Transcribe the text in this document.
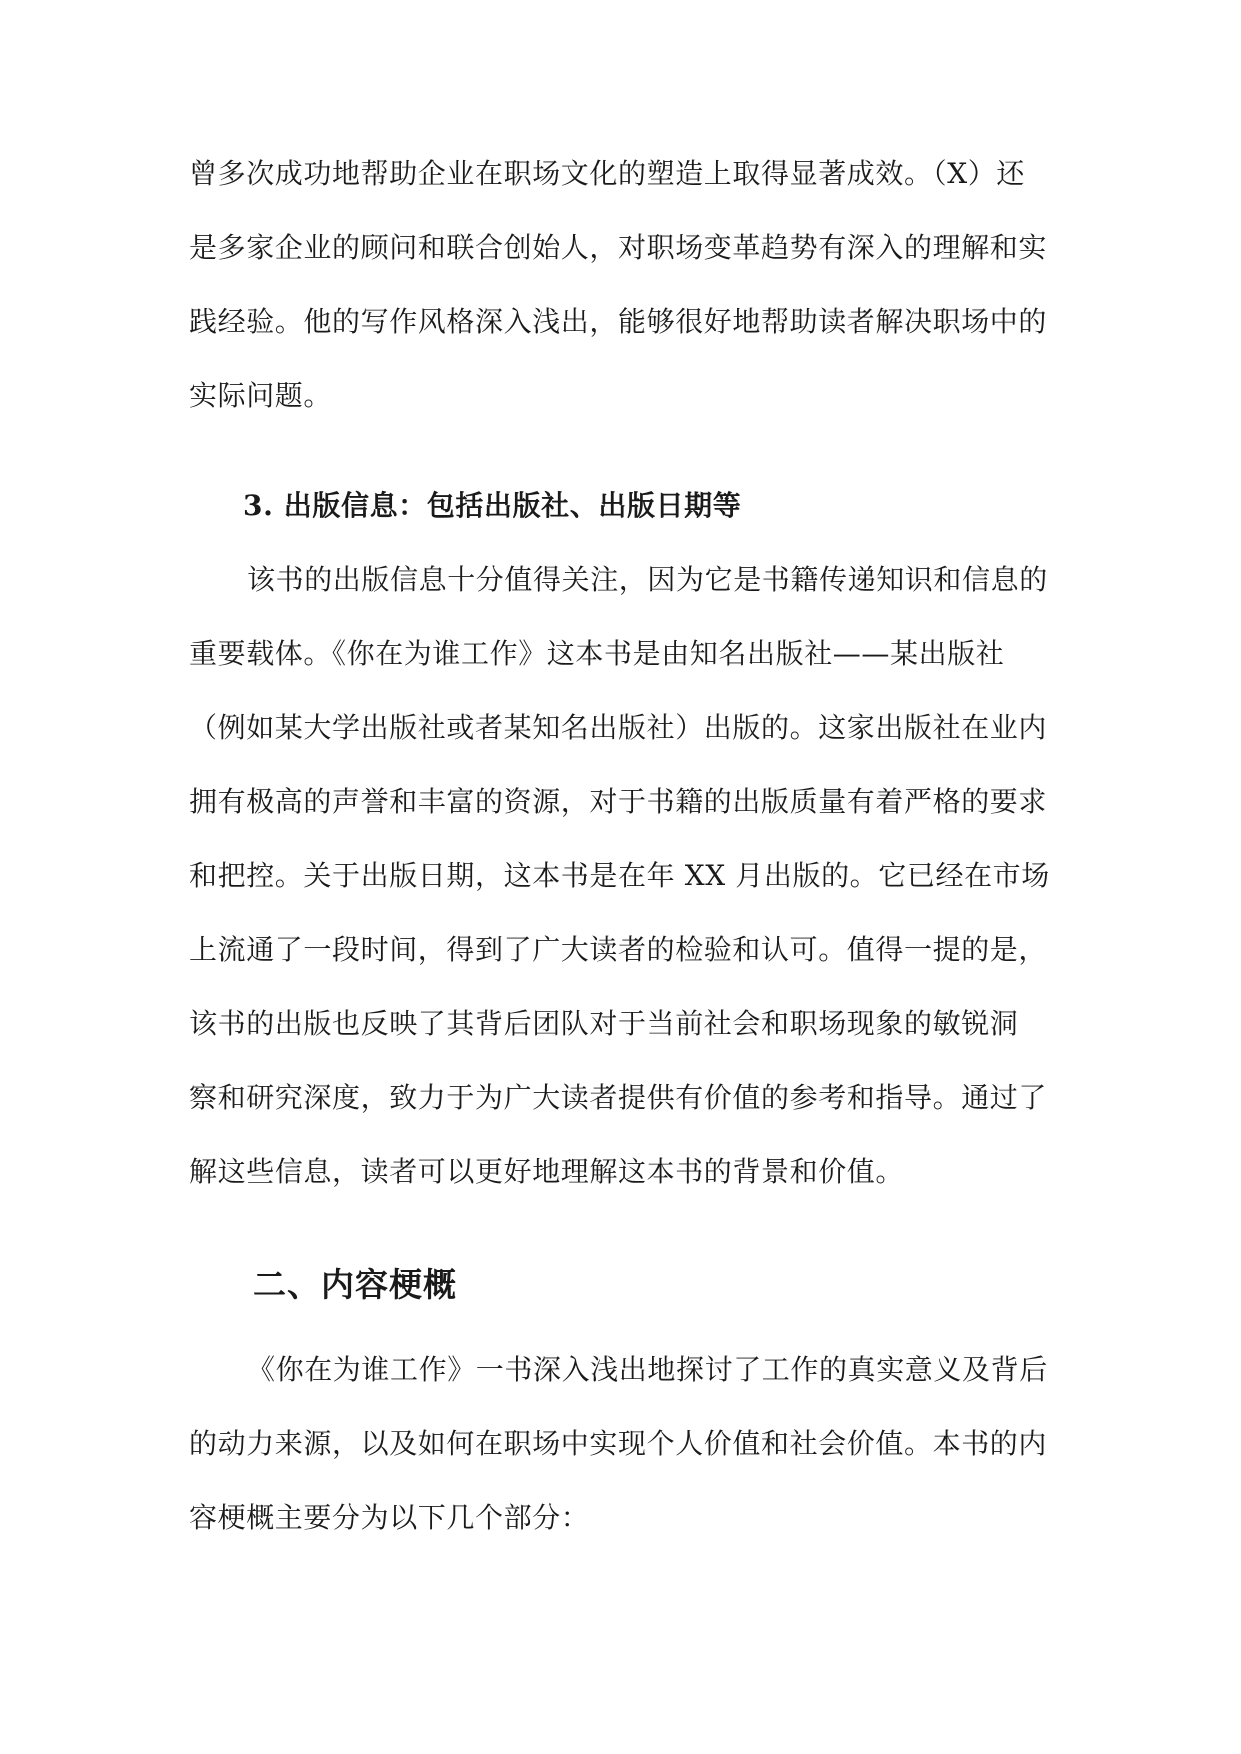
曾多次成功地帮助企业在职场文化的塑造上取得显著成效。（X）还
是多家企业的顾问和联合创始人，对职场变革趋势有深入的理解和实
践经验。他的写作风格深入浅出，能够很好地帮助读者解决职场中的
实际问题。
3. 出版信息：包括出版社、出版日期等
该书的出版信息十分值得关注，因为它是书籍传递知识和信息的
重要载体。《你在为谁工作》这本书是由知名出版社——某出版社
（例如某大学出版社或者某知名出版社）出版的。这家出版社在业内
拥有极高的声誉和丰富的资源，对于书籍的出版质量有着严格的要求
和把控。关于出版日期，这本书是在年 XX 月出版的。它已经在市场
上流通了一段时间，得到了广大读者的检验和认可。值得一提的是，
该书的出版也反映了其背后团队对于当前社会和职场现象的敏锐洞
察和研究深度，致力于为广大读者提供有价值的参考和指导。通过了
解这些信息，读者可以更好地理解这本书的背景和价值。
二、内容梗概
《你在为谁工作》一书深入浅出地探讨了工作的真实意义及背后
的动力来源，以及如何在职场中实现个人价值和社会价值。本书的内
容梗概主要分为以下几个部分：
